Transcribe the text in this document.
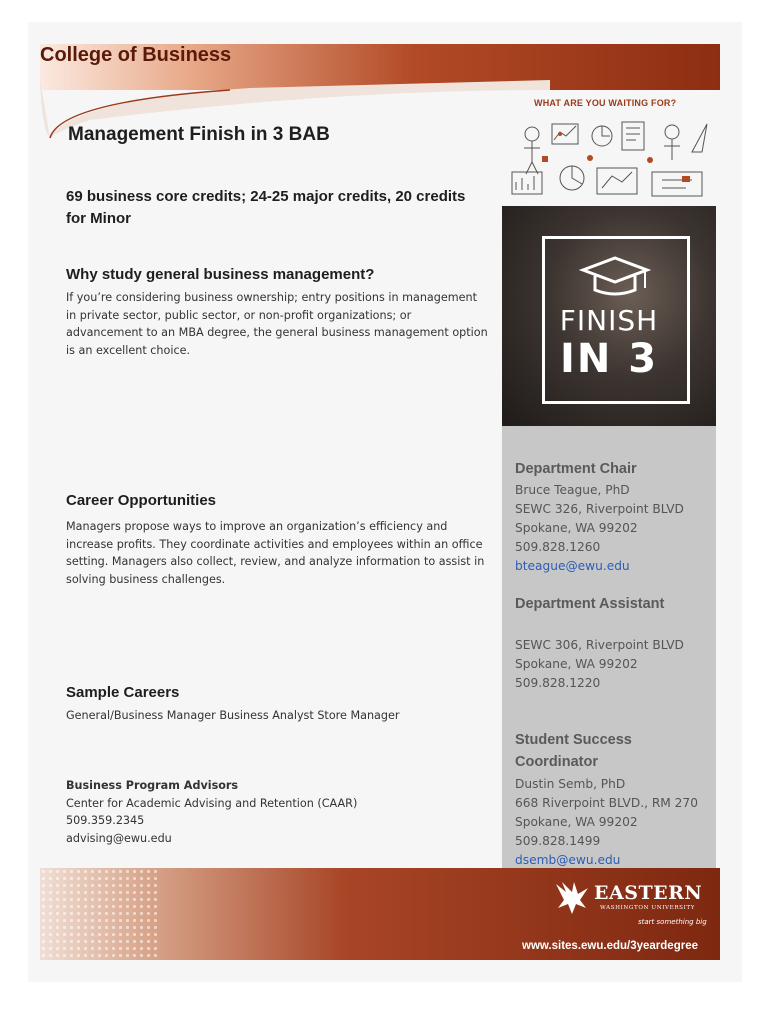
College of Business
WHAT ARE YOU WAITING FOR?
Management Finish in 3 BAB
69 business core credits; 24-25 major credits, 20 credits for Minor
Why study general business management?
If you’re considering business ownership; entry positions in management in private sector, public sector, or non-profit organizations; or advancement to an MBA degree, the general business management option is an excellent choice.
Career Opportunities
Managers propose ways to improve an organization’s efficiency and increase profits. They coordinate activities and employees within an office setting. Managers also collect, review, and analyze information to assist in solving business challenges.
Sample Careers
General/Business Manager Business Analyst Store Manager
Business Program Advisors
Center for Academic Advising and Retention (CAAR)
509.359.2345
advising@ewu.edu
FINISH
IN 3
Department Chair
Bruce Teague, PhD
SEWC 326, Riverpoint BLVD
Spokane, WA 99202
509.828.1260
bteague@ewu.edu
Department Assistant
SEWC 306, Riverpoint BLVD
Spokane, WA 99202
509.828.1220
Student Success
Coordinator
Dustin Semb, PhD
668 Riverpoint BLVD., RM 270
Spokane, WA 99202
509.828.1499
dsemb@ewu.edu
EASTERN
WASHINGTON UNIVERSITY
start something big
www.sites.ewu.edu/3yeardegree
